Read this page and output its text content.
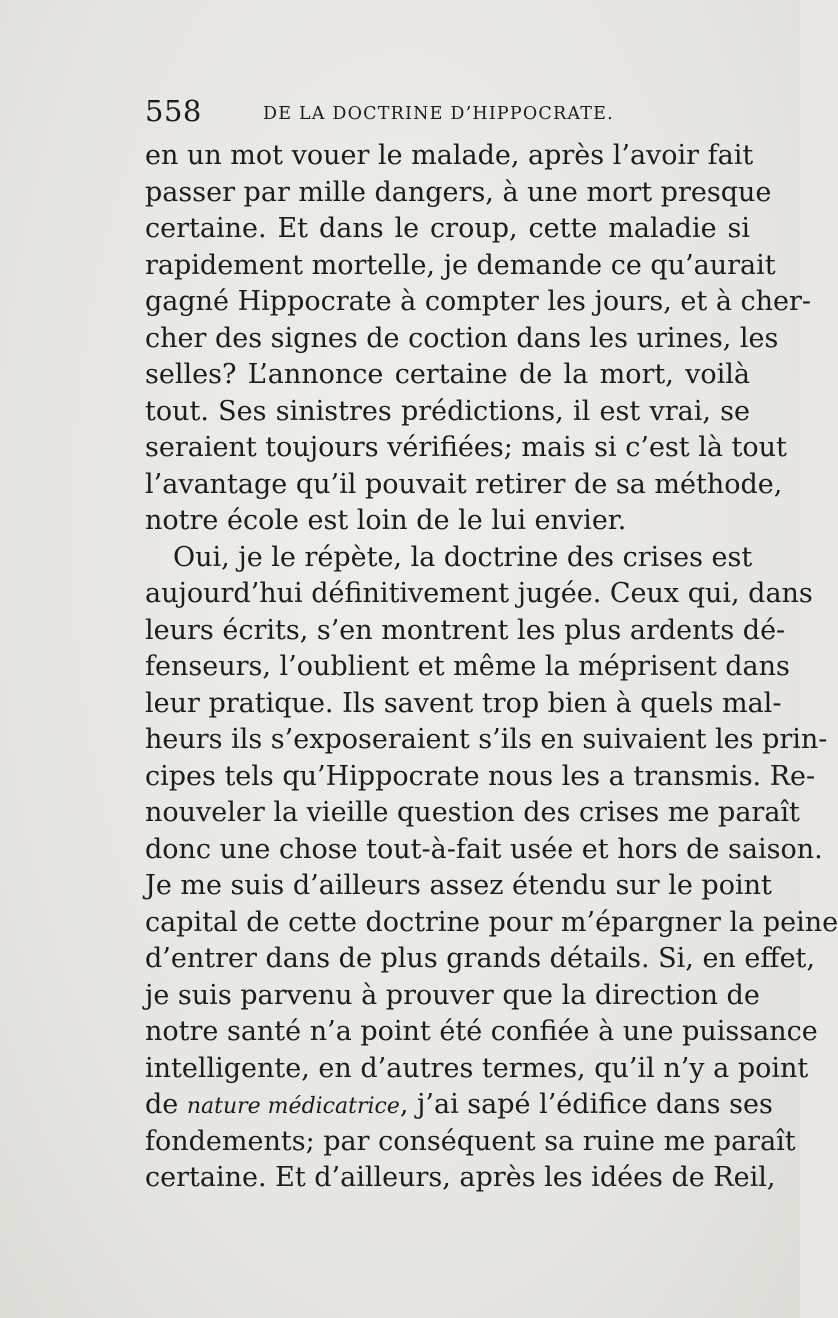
558	DE LA DOCTRINE D’HIPPOCRATE.
en un mot vouer le malade, après l’avoir fait
passer par mille dangers, à une mort presque
certaine. Et dans le croup, cette maladie si
rapidement mortelle, je demande ce qu’aurait
gagné Hippocrate à compter les jours, et à cher-
cher des signes de coction dans les urines, les
selles? L’annonce certaine de la mort, voilà
tout. Ses sinistres prédictions, il est vrai, se
seraient toujours vérifiées; mais si c’est là tout
l’avantage qu’il pouvait retirer de sa méthode,
notre école est loin de le lui envier.
Oui, je le répète, la doctrine des crises est
aujourd’hui définitivement jugée. Ceux qui, dans
leurs écrits, s’en montrent les plus ardents dé-
fenseurs, l’oublient et même la méprisent dans
leur pratique. Ils savent trop bien à quels mal-
heurs ils s’exposeraient s’ils en suivaient les prin-
cipes tels qu’Hippocrate nous les a transmis. Re-
nouveler la vieille question des crises me paraît
donc une chose tout-à-fait usée et hors de saison.
Je me suis d’ailleurs assez étendu sur le point
capital de cette doctrine pour m’épargner la peine
d’entrer dans de plus grands détails. Si, en effet,
je suis parvenu à prouver que la direction de
notre santé n’a point été confiée à une puissance
intelligente, en d’autres termes, qu’il n’y a point
de nature médicatrice, j’ai sapé l’édifice dans ses
fondements; par conséquent sa ruine me paraît
certaine. Et d’ailleurs, après les idées de Reil,
